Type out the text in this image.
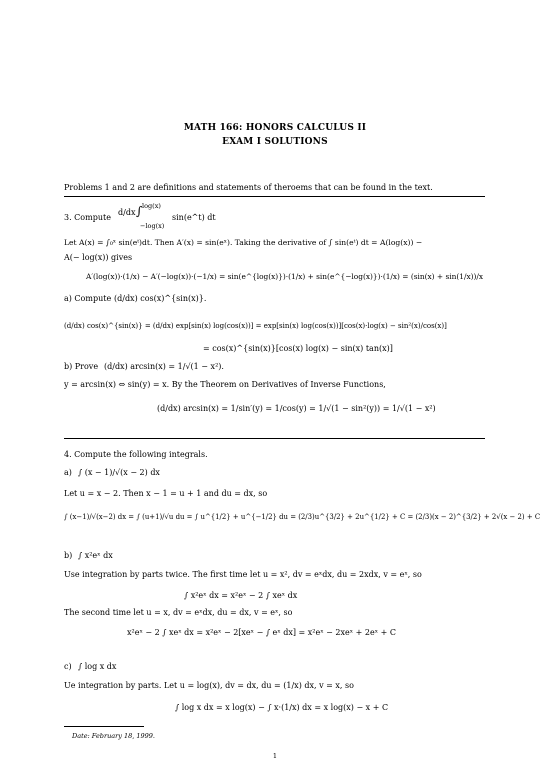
MATH 166: HONORS CALCULUS II
EXAM I SOLUTIONS
Problems 1 and 2 are definitions and statements of theroems that can be found in the text.
3. Compute
d/dx ∫ log(x)
−log(x)
sin(e^t) dt
Let A(x) = ∫₀ˣ sin(eᵗ)dt. Then A′(x) = sin(eˣ). Taking the derivative of ∫ sin(eᵗ) dt = A(log(x)) −
A(− log(x)) gives
A′(log(x))·(1/x) − A′(−log(x))·(−1/x) = sin(e^{log(x)})·(1/x) + sin(e^{−log(x)})·(1/x) = (sin(x) + sin(1/x))/x
a) Compute (d/dx) cos(x)^{sin(x)}.
(d/dx) cos(x)^{sin(x)} = (d/dx) exp[sin(x) log(cos(x))] = exp[sin(x) log(cos(x))][cos(x)·log(x) − sin²(x)/cos(x)]
= cos(x)^{sin(x)}[cos(x) log(x) − sin(x) tan(x)]
b) Prove (d/dx) arcsin(x) = 1/√(1 − x²).
y = arcsin(x) ⇔ sin(y) = x. By the Theorem on Derivatives of Inverse Functions,
(d/dx) arcsin(x) = 1/sin′(y) = 1/cos(y) = 1/√(1 − sin²(y)) = 1/√(1 − x²)
4. Compute the following integrals.
a) ∫ (x − 1)/√(x − 2) dx
Let u = x − 2. Then x − 1 = u + 1 and du = dx, so
∫ (x−1)/√(x−2) dx = ∫ (u+1)/√u du = ∫ u^{1/2} + u^{−1/2} du = (2/3)u^{3/2} + 2u^{1/2} + C = (2/3)(x − 2)^{3/2} + 2√(x − 2) + C
b) ∫ x²eˣ dx
Use integration by parts twice. The first time let u = x², dv = eˣdx, du = 2xdx, v = eˣ, so
∫ x²eˣ dx = x²eˣ − 2 ∫ xeˣ dx
The second time let u = x, dv = eˣdx, du = dx, v = eˣ, so
x²eˣ − 2 ∫ xeˣ dx = x²eˣ − 2[xeˣ − ∫ eˣ dx] = x²eˣ − 2xeˣ + 2eˣ + C
c) ∫ log x dx
Ue integration by parts. Let u = log(x), dv = dx, du = (1/x) dx, v = x, so
∫ log x dx = x log(x) − ∫ x·(1/x) dx = x log(x) − x + C
Date: February 18, 1999.
1
